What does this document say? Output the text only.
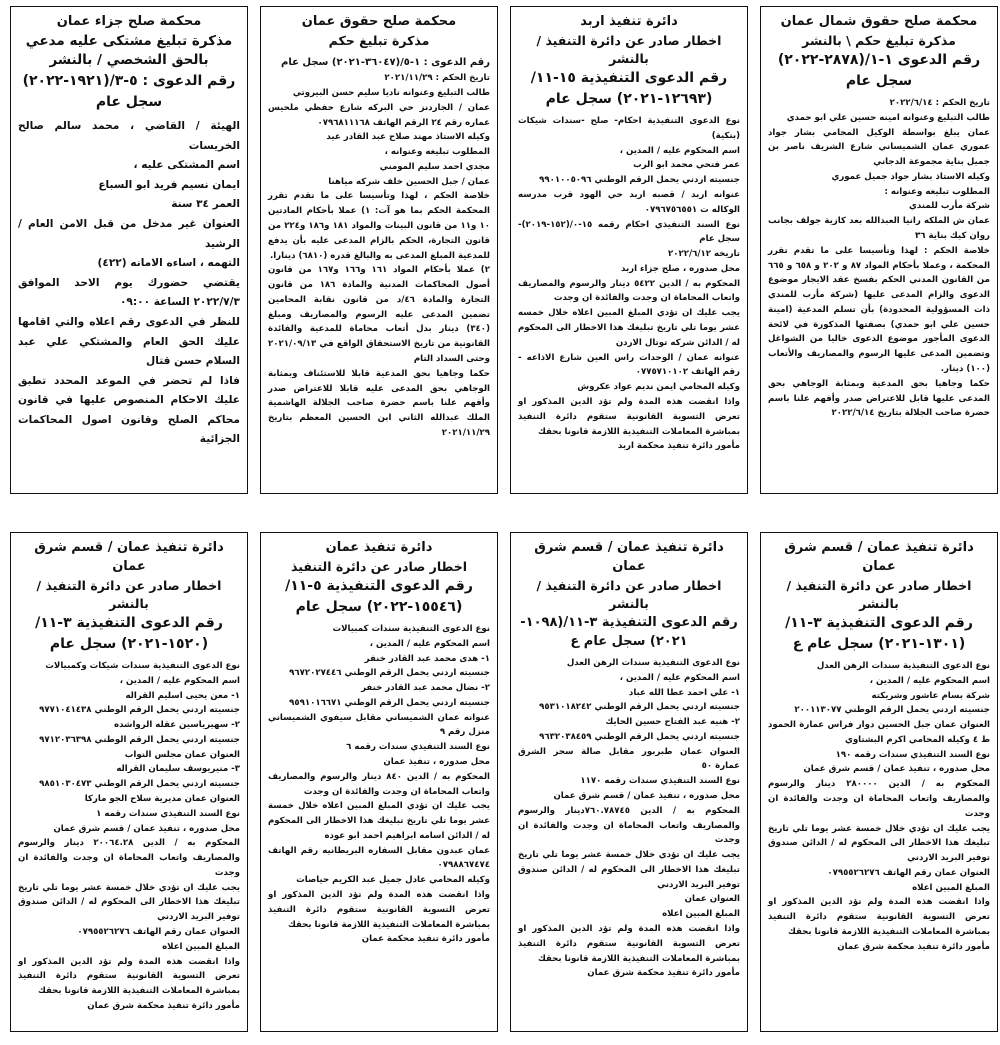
محكمة صلح حقوق شمال عمان
مذكرة تبليغ حكم \ بالنشر
رقم الدعوى ١-١/(٢٨٧٨-٢٠٢٢)
سجل عام

تاريخ الحكم : ٢٠٢٢/٦/١٤

طالب التبليغ وعنوانه امينه حسين علي ابو حمدي

عمان يبلغ بواسطة الوكيل المحامي بشار جواد عموري عمان الشميساني شارع الشريف ناصر بن جميل بناية مجموعة الدجاني

وكيله الاستاذ بشار جواد جميل عموري

المطلوب تبليغه وعنوانه :

شركة مأرب للمندي

عمان ش الملكه رانيا العبدالله بعد كازية جولف بجانب روان كيك بناية ٣٦

خلاصة الحكم : لهذا وتأسيسا على ما تقدم تقرر المحكمة ، وعملا بأحكام المواد ٨٧ و ٢٠٢ و ٦٥٨ و ٦٦٥ من القانون المدني الحكم بفسخ عقد الايجار موضوع الدعوى والزام المدعى عليها (شركة مأرب للمندي ذات المسؤولية المحدودة) بأن تسلم المدعية (امينة حسين علي ابو حمدي) بصفتها المذكورة في لائحة الدعوى المأجور موضوع الدعوى خاليا من الشواغل وتضمين المدعى عليها الرسوم والمصاريف والأتعاب (١٠٠) دينار.

حكما وجاهيا بحق المدعية وبمثابة الوجاهي بحق المدعى عليها قابل للاعتراض صدر وأفهم علنا باسم حضرة صاحب الجلالة بتاريخ ٢٠٢٢/٦/١٤

دائرة تنفيذ اربد
اخطار صادر عن دائرة التنفيذ / بالنشر
رقم الدعوى التنفيذية ١٥-١١/
(١٢٦٩٣-٢٠٢١) سجل عام

نوع الدعوى التنفيذية احكام- صلح -سندات شيكات (بنكية)

اسم المحكوم عليه / المدين ،

عمر فتحي محمد ابو الرب

جنسيته اردني يحمل الرقم الوطني ٩٩٠١٠٠٥٠٩٦

عنوانه اربد / قصبه اربد حي الهود قرب مدرسه الوكاله ت ٠٧٩٦٧٥٦٥٥١

نوع السند التنفيذي احكام رقمه ١٥-٠/(١٥٢-٢٠١٩)- سجل عام

تاريخه ٢٠٢٢/٦/١٢

محل صدوره ، صلح جزاء اربد

المحكوم به / الدين ٥٤٢٢ دينار والرسوم والمصاريف واتعاب المحاماة ان وجدت والفائدة ان وجدت

يجب عليك ان تؤدي المبلغ المبين اعلاه خلال خمسه عشر يوما تلي تاريخ تبليغك هذا الاخطار الى المحكوم له / الدائن شركه توتال الاردن

عنوانه عمان / الوحدات راس العين شارع الاذاعه - رقم الهاتف ٠٧٧٥٧١٠١٠٢

وكيله المحامي ايمن نديم عواد عكروش

واذا انقضت هذه المدة ولم تؤد الدين المذكور او تعرض التسوية القانونية ستقوم دائرة التنفيذ بمباشرة المعاملات التنفيذية اللازمة قانونا بحقك

مأمور دائرة تنفيذ محكمة اربد

محكمة صلح حقوق عمان
مذكرة تبليغ حكم

رقم الدعوى : ١-٥/(٣٦٠٤٧-٢٠٢١) سجل عام

تاريخ الحكم : ٢٠٢١/١١/٢٩

طالب التبليغ وعنوانه ناديا سليم حسن البيروتي

عمان / الجاردنز حي البركه شارع حفظي ملحيس عماره رقم ٢٤ الرقم الهاتف ٠٧٩٦٨١١١٦٨

وكيله الاستاذ مهند صلاح عبد القادر عيد

المطلوب تبليغه وعنوانه ،

مجدي احمد سليم المومني

عمان / جبل الحسين خلف شركه مياهنا

خلاصة الحكم ، لهذا وتأسيسا على ما تقدم تقرر المحكمة الحكم بما هو آت: ١) عملا بأحكام المادتين ١٠ و١١ من قانون البينات والمواد ١٨١ و١٨٦ و٢٢٤ من قانون التجارة، الحكم بالزام المدعى عليه بأن يدفع للمدعية المبلغ المدعى به والبالغ قدره (٦٨١٠) دينارا.

٢) عملا بأحكام المواد ١٦١ و١٦٦ و١٦٧ من قانون أصول المحاكمات المدنية والمادة ١٨٦ من قانون التجارة والمادة ٤٦/د من قانون نقابة المحامين تضمين المدعى عليه الرسوم والمصاريف ومبلغ (٣٤٠) دينار بدل أتعاب محاماة للمدعية والفائدة القانونية من تاريخ الاستحقاق الواقع في ٢٠٢١/٠٩/١٣ وحتى السداد التام

حكما وجاهيا بحق المدعية قابلا للاستئناف وبمثابة الوجاهي بحق المدعى عليه قابلا للاعتراض صدر وأفهم علنا باسم حضرة صاحب الجلالة الهاشمية الملك عبدالله الثاني ابن الحسين المعظم بتاريخ ٢٠٢١/١١/٢٩

محكمة صلح جزاء عمان
مذكرة تبليغ مشتكى عليه مدعي بالحق الشخصي / بالنشر
رقم الدعوى : ٥-٣/(١٩٢١-٢٠٢٢)
سجل عام

الهيئة / القاضي ، محمد سالم صالح الخريسات

اسم المشتكى عليه ،

ايمان نسيم فريد ابو السباع

العمر ٣٤ سنة

العنوان غير مدخل من قبل الامن العام / الرشيد

التهمه ، اساءه الامانه (٤٢٢)

يقتضي حضورك يوم الاحد الموافق ٢٠٢٢/٧/٣ الساعة ٠٩:٠٠

للنظر في الدعوى رقم اعلاه والتي اقامها عليك الحق العام والمشتكي علي عبد السلام حسن قتال

فاذا لم تحضر في الموعد المحدد تطبق عليك الاحكام المنصوص عليها في قانون محاكم الصلح وقانون اصول المحاكمات الجزائية

دائرة تنفيذ عمان / قسم شرق عمان
اخطار صادر عن دائرة التنفيذ / بالنشر
رقم الدعوى التنفيذية ٣-١١/
(١٣٠١-٢٠٢١) سجل عام ع

نوع الدعوى التنفيذية سندات الرهن العدل

اسم المحكوم عليه / المدين ،

شركة بسام عاشور وشريكته

جنسيته اردني يحمل الرقم الوطني ٢٠٠١١٣٠٧٧

العنوان عمان جبل الحسين دوار فراس عمارة الحمود ط ٤ وكيله المحامي اكرم البشتاوي

نوع السند التنفيذي سندات رقمه ١٩٠

محل صدوره ، تنفيذ عمان / قسم شرق عمان

المحكوم به / الدين ٢٨٠٠٠٠ دينار والرسوم والمصاريف واتعاب المحاماة ان وجدت والفائدة ان وجدت

يجب عليك ان تؤدي خلال خمسة عشر يوما تلي تاريخ تبليغك هذا الاخطار الى المحكوم له / الدائن صندوق توفير البريد الاردني

العنوان عمان رقم الهاتف ٠٧٩٥٥٢٦٢٧٦

المبلغ المبين اعلاه

واذا انقضت هذه المدة ولم تؤد الدين المذكور او تعرض التسوية القانونية ستقوم دائرة التنفيذ بمباشرة المعاملات التنفيذية اللازمة قانونا بحقك

مأمور دائرة تنفيذ محكمة شرق عمان

دائرة تنفيذ عمان / قسم شرق عمان
اخطار صادر عن دائرة التنفيذ / بالنشر
رقم الدعوى التنفيذية ٣-١١/(١٠٩٨-
٢٠٢١) سجل عام ع

نوع الدعوى التنفيذية سندات الرهن العدل

اسم المحكوم عليه / المدين ،

١- علي احمد عطا الله عباد

جنسيته اردني يحمل الرقم الوطني ٩٥٣١٠١٨٢٤٢

٢- هنيه عبد الفتاح حسين الحايك

جنسيته اردني يحمل الرقم الوطني ٩٦٣٢٠٣٨٤٥٩

العنوان عمان طبربور مقابل صالة سحر الشرق عمارة ٥٠

نوع السند التنفيذي سندات رقمه ١١٧٠

محل صدوره ، تنفيذ عمان / قسم شرق عمان

المحكوم به / الدين ٧٦٠.٧٨٧٤٥دينار والرسوم والمصاريف واتعاب المحاماة ان وجدت والفائدة ان وجدت

يجب عليك ان تؤدي خلال خمسة عشر يوما تلي تاريخ تبليغك هذا الاخطار الى المحكوم له / الدائن صندوق توفير البريد الاردني

العنوان عمان

المبلغ المبين اعلاه

واذا انقضت هذه المدة ولم تؤد الدين المذكور او تعرض التسوية القانونية ستقوم دائرة التنفيذ بمباشرة المعاملات التنفيذية اللازمة قانونا بحقك

مأمور دائرة تنفيذ محكمة شرق عمان

دائرة تنفيذ عمان
اخطار صادر عن دائرة التنفيذ
رقم الدعوى التنفيذية ٥-١١/
(١٥٥٤٦-٢٠٢٢) سجل عام

نوع الدعوى التنفيذية سندات كمبيالات

اسم المحكوم عليه / المدين ،

١- هدى محمد عبد القادر خنفر

جنسيته اردني يحمل الرقم الوطني ٩٦٧٢٠٢٧٤٤٦

٢- نضال محمد عبد القادر خنفر

جنسيته اردني يحمل الرقم الوطني ٩٥٩١٠١٦٦٧١

عنوانه عمان الشميساني مقابل سيفوي الشميساني منزل رقم ٩

نوع السند التنفيذي سندات رقمه ٦

محل صدوره ، تنفيذ عمان

المحكوم به / الدين ٨٤٠ دينار والرسوم والمصاريف واتعاب المحاماة ان وجدت والفائدة ان وجدت

يجب عليك ان تؤدي المبلغ المبين اعلاه خلال خمسة عشر يوما تلي تاريخ تبليغك هذا الاخطار الى المحكوم له / الدائن اسامه ابراهيم احمد ابو عوده

عمان عبدون مقابل السفاره البريطانيه رقم الهاتف ٠٧٩٨٨٦٧٤٧٤

وكيله المحامي عادل جميل عبد الكريم حياصات

واذا انقضت هذه المدة ولم تؤد الدين المذكور او تعرض التسوية القانونية ستقوم دائرة التنفيذ بمباشرة المعاملات التنفيذية اللازمة قانونا بحقك

مأمور دائرة تنفيذ محكمة عمان

دائرة تنفيذ عمان / قسم شرق عمان
اخطار صادر عن دائرة التنفيذ / بالنشر
رقم الدعوى التنفيذية ٣-١١/
(١٥٢٠-٢٠٢١) سجل عام

نوع الدعوى التنفيذية سندات شيكات وكمبيالات

اسم المحكوم عليه / المدين ،

١- معن يحيى اسليم القراله

جنسيته اردني يحمل الرقم الوطني ٩٧٧١٠٤١٤٣٨

٢- سهيرياسين عقله الرواشده

جنسيته اردني يحمل الرقم الوطني ٩٧١٢٠٣٦٣٩٨

العنوان عمان مجلس النواب

٣- منيريوسف سليمان القراله

جنسيته اردني يحمل الرقم الوطني ٩٨٥١٠٣٠٤٧٣

العنوان عمان مديرية سلاح الجو ماركا

نوع السند التنفيذي سندات رقمه ١

محل صدوره ، تنفيذ عمان / قسم شرق عمان

المحكوم به / الدين ٢٠٠٦٤.٢٨ دينار والرسوم والمصاريف واتعاب المحاماة ان وجدت والفائدة ان وجدت

يجب عليك ان تؤدي خلال خمسة عشر يوما تلي تاريخ تبليغك هذا الاخطار الى المحكوم له / الدائن صندوق توفير البريد الاردني

العنوان عمان رقم الهاتف ٠٧٩٥٥٢٦٢٧٦

المبلغ المبين اعلاه

واذا انقضت هذه المدة ولم تؤد الدين المذكور او تعرض التسوية القانونية ستقوم دائرة التنفيذ بمباشرة المعاملات التنفيذية اللازمة قانونا بحقك

مأمور دائرة تنفيذ محكمة شرق عمان
